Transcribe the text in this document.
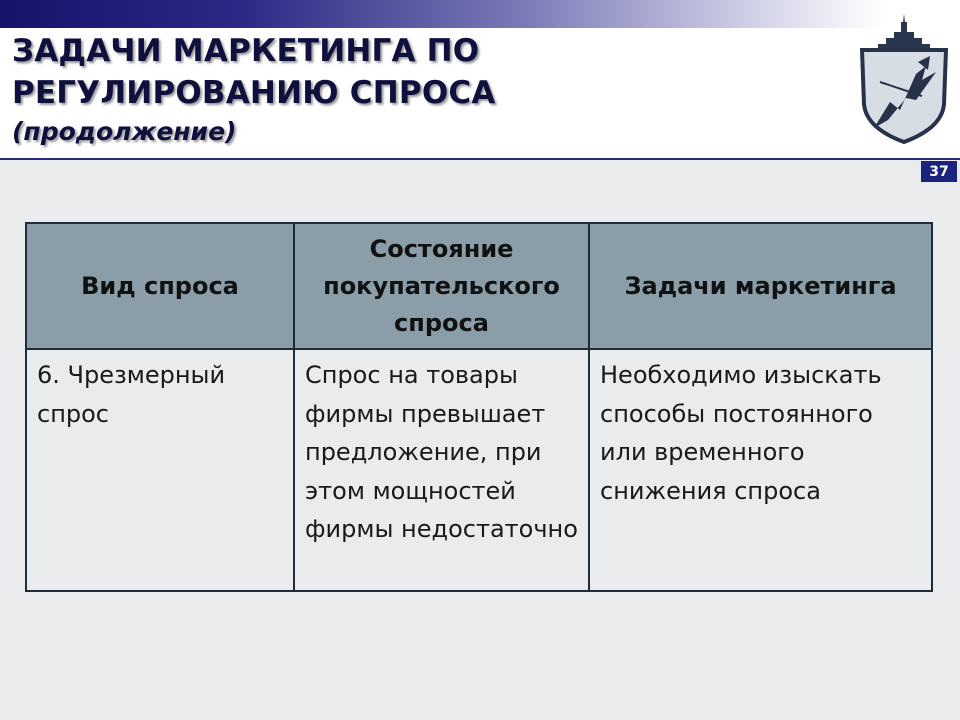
ЗАДАЧИ МАРКЕТИНГА ПО
РЕГУЛИРОВАНИЮ СПРОСА
(продолжение)
37
Вид спроса	Состояние покупательского спроса	Задачи маркетинга
6. Чрезмерный спрос	Спрос на товары фирмы превышает предложение, при этом мощностей фирмы недостаточно	Необходимо изыскать способы постоянного или временного снижения спроса
